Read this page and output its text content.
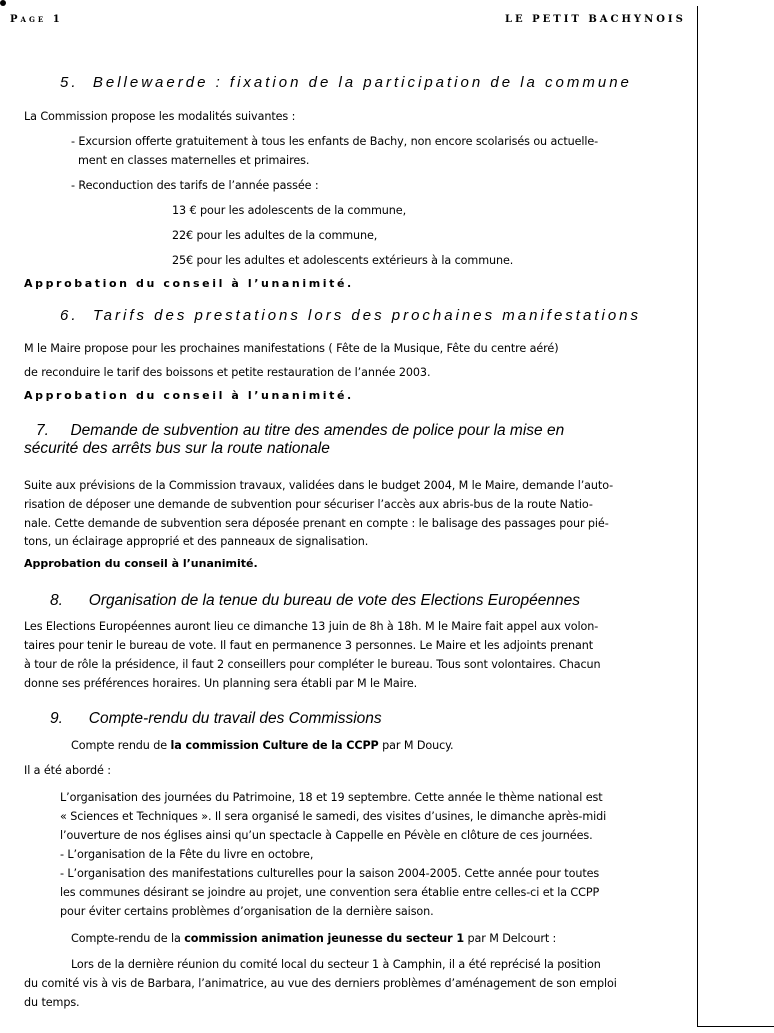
Page 1	LE PETIT BACHYNOIS
5. Bellewaerde : fixation de la participation de la commune
La Commission propose les modalités suivantes :
- Excursion offerte gratuitement à tous les enfants de Bachy, non encore scolarisés ou actuelle-
ment en classes maternelles et primaires.
- Reconduction des tarifs de l’année passée :
13 € pour les adolescents de la commune,
22€ pour les adultes de la commune,
25€ pour les adultes et adolescents extérieurs à la commune.
Approbation du conseil à l’unanimité.
6. Tarifs des prestations lors des prochaines manifestations
M le Maire propose pour les prochaines manifestations ( Fête de la Musique, Fête du centre aéré)
de reconduire le tarif des boissons et petite restauration de l’année 2003.
Approbation du conseil à l’unanimité.
7. Demande de subvention au titre des amendes de police pour la mise en
sécurité des arrêts bus sur la route nationale
Suite aux prévisions de la Commission travaux, validées dans le budget 2004, M le Maire, demande l’auto-
risation de déposer une demande de subvention pour sécuriser l’accès aux abris-bus de la route Natio-
nale. Cette demande de subvention sera déposée prenant en compte : le balisage des passages pour pié-
tons, un éclairage approprié et des panneaux de signalisation.
Approbation du conseil à l’unanimité.
8. Organisation de la tenue du bureau de vote des Elections Européennes
Les Elections Européennes auront lieu ce dimanche 13 juin de 8h à 18h. M le Maire fait appel aux volon-
taires pour tenir le bureau de vote. Il faut en permanence 3 personnes. Le Maire et les adjoints prenant
à tour de rôle la présidence, il faut 2 conseillers pour compléter le bureau. Tous sont volontaires. Chacun
donne ses préférences horaires. Un planning sera établi par M le Maire.
9. Compte-rendu du travail des Commissions
Compte rendu de la commission Culture de la CCPP par M Doucy.
Il a été abordé :
L’organisation des journées du Patrimoine, 18 et 19 septembre. Cette année le thème national est
« Sciences et Techniques ». Il sera organisé le samedi, des visites d’usines, le dimanche après-midi
l’ouverture de nos églises ainsi qu’un spectacle à Cappelle en Pévèle en clôture de ces journées.
- L’organisation de la Fête du livre en octobre,
- L’organisation des manifestations culturelles pour la saison 2004-2005. Cette année pour toutes
les communes désirant se joindre au projet, une convention sera établie entre celles-ci et la CCPP
pour éviter certains problèmes d’organisation de la dernière saison.
Compte-rendu de la commission animation jeunesse du secteur 1 par M Delcourt :
Lors de la dernière réunion du comité local du secteur 1 à Camphin, il a été reprécisé la position
du comité vis à vis de Barbara, l’animatrice, au vue des derniers problèmes d’aménagement de son emploi
du temps.
